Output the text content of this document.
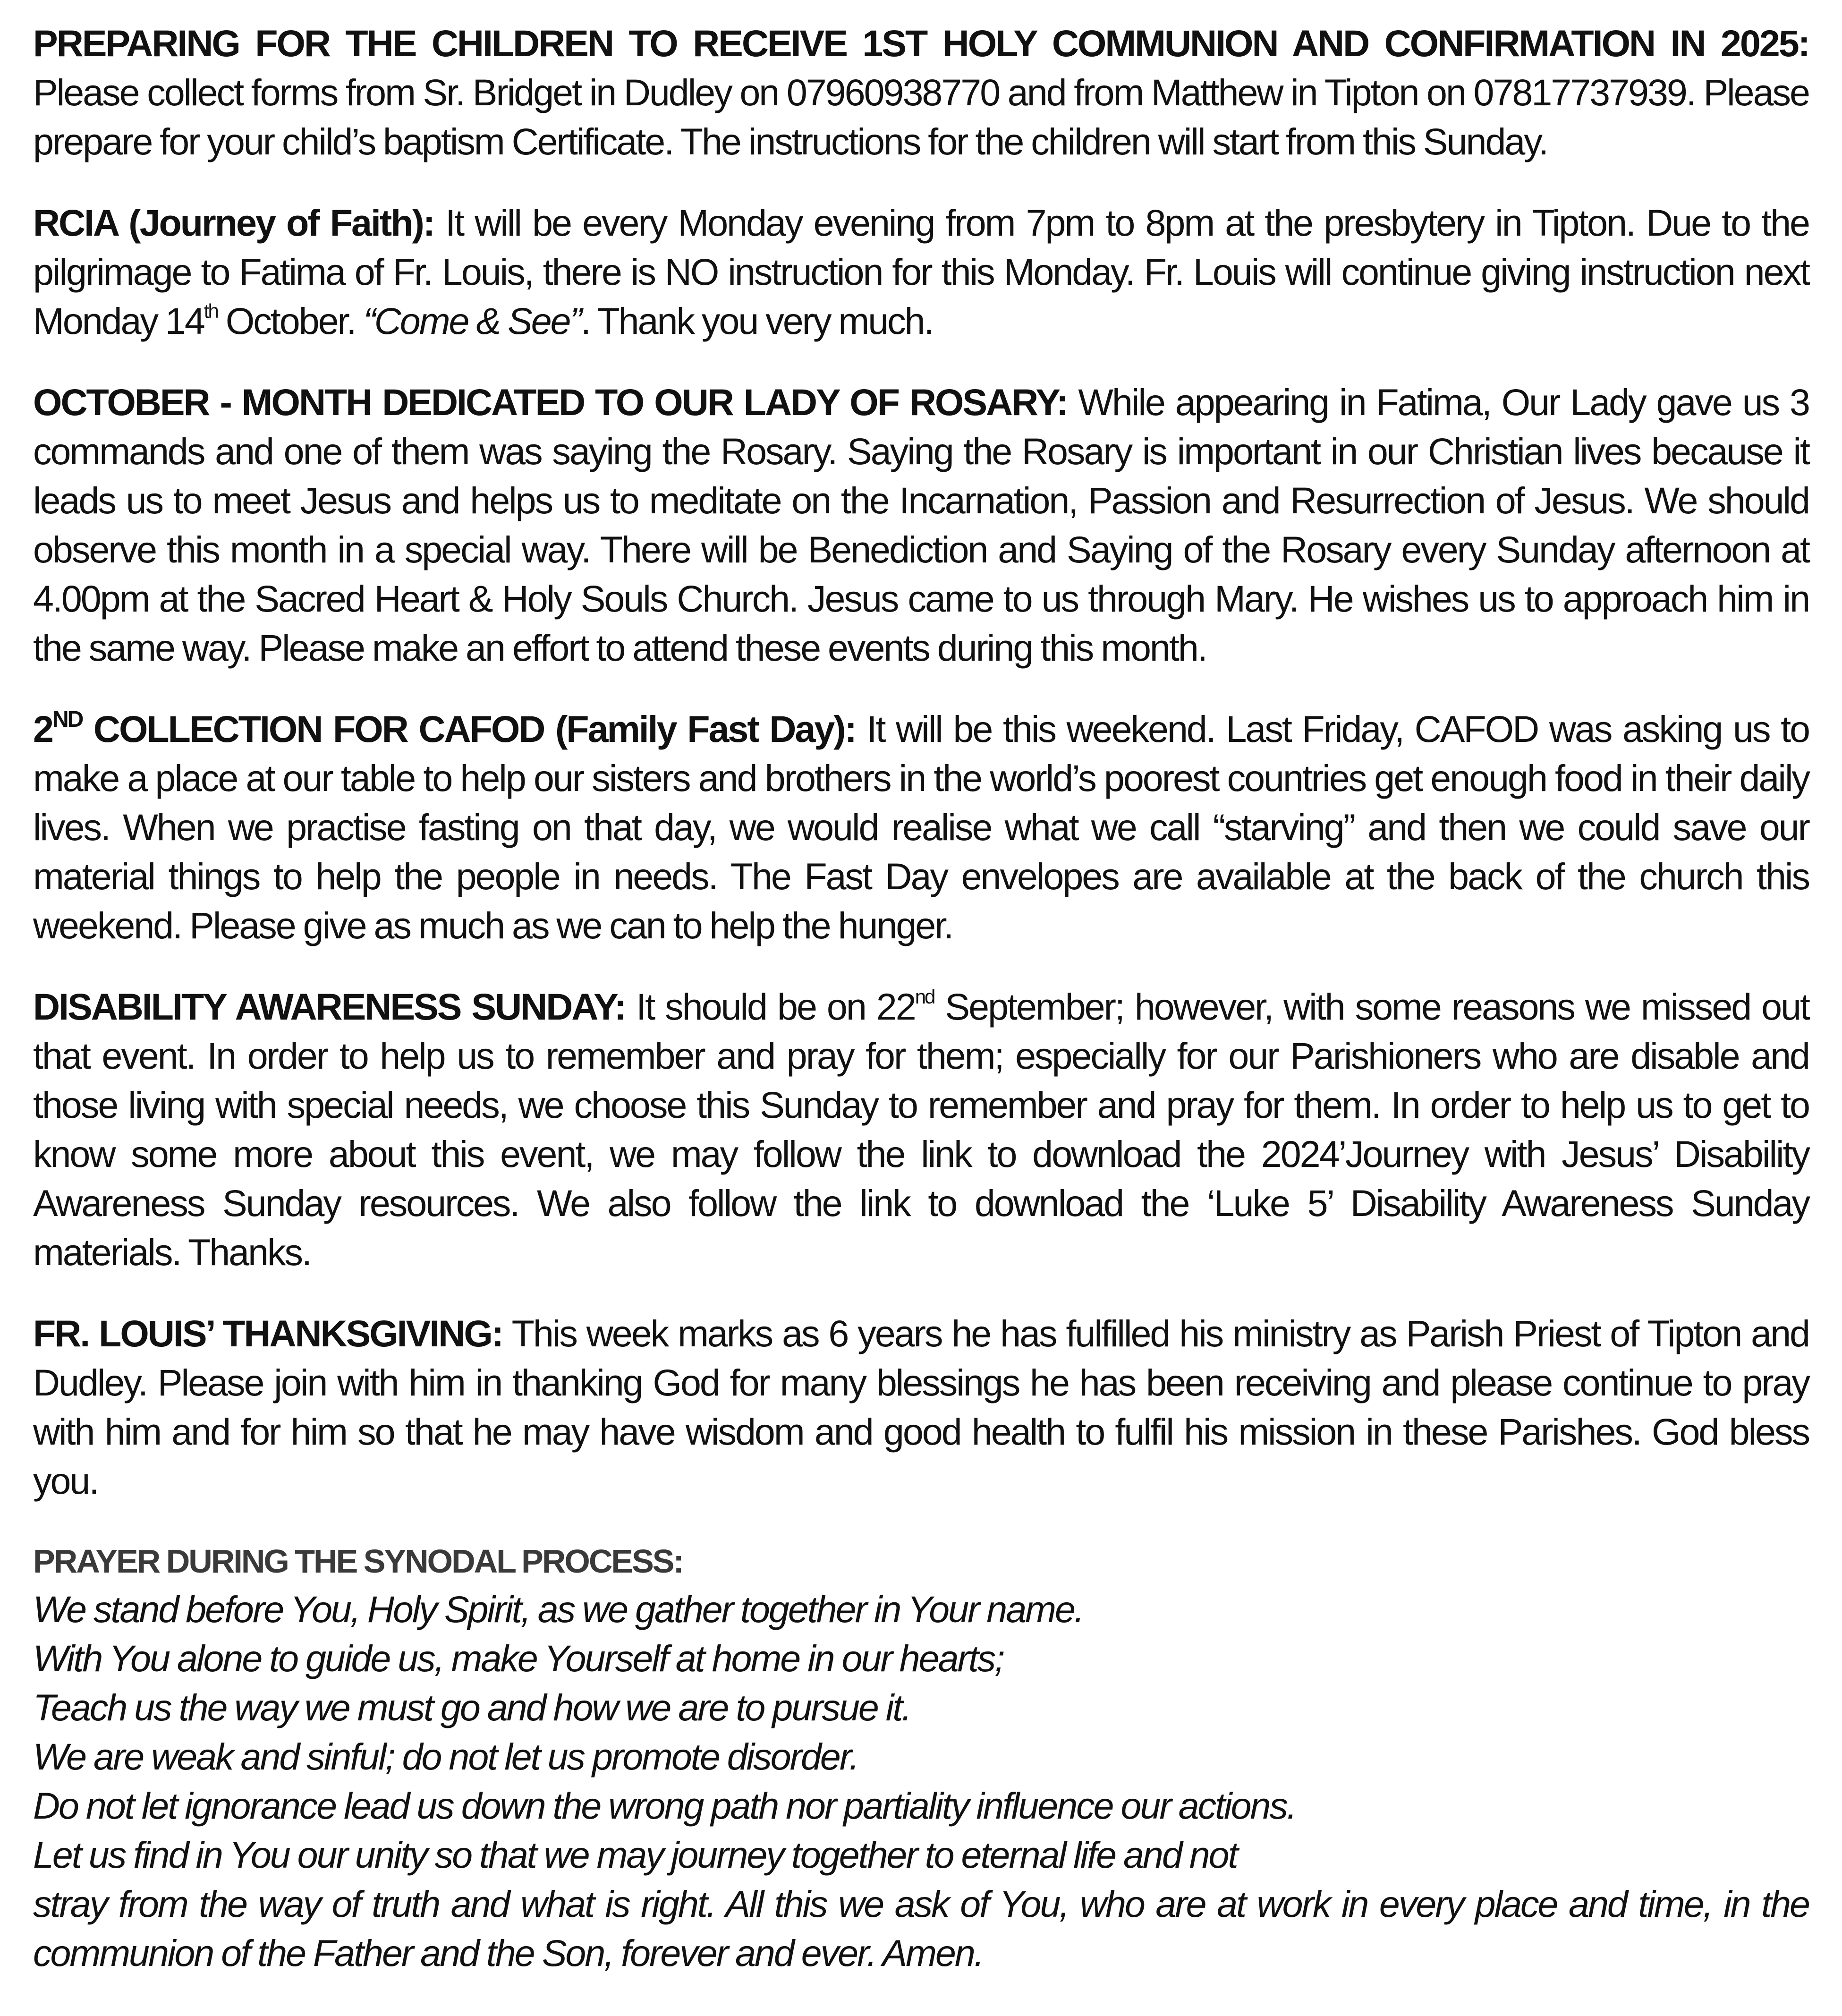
PREPARING FOR THE CHILDREN TO RECEIVE 1ST HOLY COMMUNION AND CONFIRMATION IN 2025: Please collect forms from Sr. Bridget in Dudley on 07960938770 and from Matthew in Tipton on 07817737939. Please prepare for your child’s baptism Certificate. The instructions for the children will start from this Sunday.

RCIA (Journey of Faith): It will be every Monday evening from 7pm to 8pm at the presbytery in Tipton. Due to the pilgrimage to Fatima of Fr. Louis, there is NO instruction for this Monday. Fr. Louis will continue giving instruction next Monday 14th October. “Come & See”. Thank you very much.

OCTOBER - MONTH DEDICATED TO OUR LADY OF ROSARY: While appearing in Fatima, Our Lady gave us 3 commands and one of them was saying the Rosary. Saying the Rosary is important in our Christian lives because it leads us to meet Jesus and helps us to meditate on the Incarnation, Passion and Resurrection of Jesus. We should observe this month in a special way. There will be Benediction and Saying of the Rosary every Sunday afternoon at 4.00pm at the Sacred Heart & Holy Souls Church. Jesus came to us through Mary. He wishes us to approach him in the same way. Please make an effort to attend these events during this month.

2ND COLLECTION FOR CAFOD (Family Fast Day): It will be this weekend. Last Friday, CAFOD was asking us to make a place at our table to help our sisters and brothers in the world’s poorest countries get enough food in their daily lives. When we practise fasting on that day, we would realise what we call “starving” and then we could save our material things to help the people in needs. The Fast Day envelopes are available at the back of the church this weekend. Please give as much as we can to help the hunger.

DISABILITY AWARENESS SUNDAY: It should be on 22nd September; however, with some reasons we missed out that event. In order to help us to remember and pray for them; especially for our Parishioners who are disable and those living with special needs, we choose this Sunday to remember and pray for them. In order to help us to get to know some more about this event, we may follow the link to download the 2024’Journey with Jesus’ Disability Awareness Sunday resources. We also follow the link to download the ‘Luke 5’ Disability Awareness Sunday materials. Thanks.

FR. LOUIS’ THANKSGIVING: This week marks as 6 years he has fulfilled his ministry as Parish Priest of Tipton and Dudley. Please join with him in thanking God for many blessings he has been receiving and please continue to pray with him and for him so that he may have wisdom and good health to fulfil his mission in these Parishes. God bless you.

PRAYER DURING THE SYNODAL PROCESS:

We stand before You, Holy Spirit, as we gather together in Your name.

With You alone to guide us, make Yourself at home in our hearts;

Teach us the way we must go and how we are to pursue it.

We are weak and sinful; do not let us promote disorder.

Do not let ignorance lead us down the wrong path nor partiality influence our actions.

Let us find in You our unity so that we may journey together to eternal life and not

stray from the way of truth and what is right. All this we ask of You, who are at work in every place and time, in the communion of the Father and the Son, forever and ever. Amen.
